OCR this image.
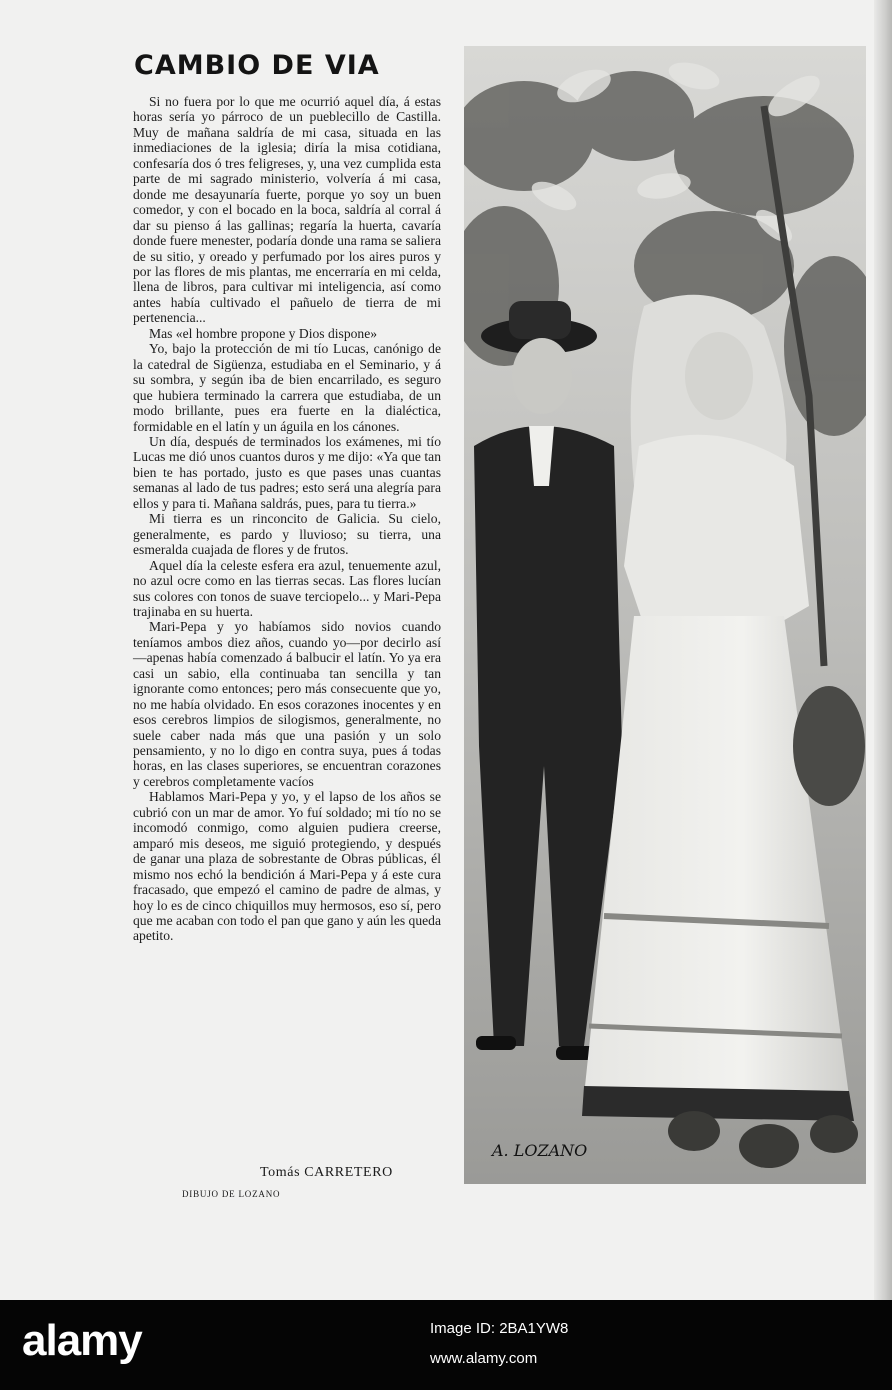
CAMBIO DE VIA

Si no fuera por lo que me ocurrió aquel día, á estas horas sería yo párroco de un pueblecillo de Castilla. Muy de mañana saldría de mi casa, situada en las inmediaciones de la iglesia; diría la misa cotidiana, confesaría dos ó tres feligreses, y, una vez cumplida esta parte de mi sagrado ministerio, volvería á mi casa, donde me desayunaría fuerte, porque yo soy un buen comedor, y con el bocado en la boca, saldría al corral á dar su pienso á las gallinas; regaría la huerta, cavaría donde fuere menester, podaría donde una rama se saliera de su sitio, y oreado y perfumado por los aires puros y por las flores de mis plantas, me encerraría en mi celda, llena de libros, para cultivar mi inteligencia, así como antes había cultivado el pañuelo de tierra de mi pertenencia...

Mas «el hombre propone y Dios dispone»

Yo, bajo la protección de mi tío Lucas, canónigo de la catedral de Sigüenza, estudiaba en el Seminario, y á su sombra, y según iba de bien encarrilado, es seguro que hubiera terminado la carrera que estudiaba, de un modo brillante, pues era fuerte en la dialéctica, formidable en el latín y un águila en los cánones.

Un día, después de terminados los exámenes, mi tío Lucas me dió unos cuantos duros y me dijo: «Ya que tan bien te has portado, justo es que pases unas cuantas semanas al lado de tus padres; esto será una alegría para ellos y para ti. Mañana saldrás, pues, para tu tierra.»

Mi tierra es un rinconcito de Galicia. Su cielo, generalmente, es pardo y lluvioso; su tierra, una esmeralda cuajada de flores y de frutos.

Aquel día la celeste esfera era azul, tenuemente azul, no azul ocre como en las tierras secas. Las flores lucían sus colores con tonos de suave terciopelo... y Mari-Pepa trajinaba en su huerta.

Mari-Pepa y yo habíamos sido novios cuando teníamos ambos diez años, cuando yo—por decirlo así—apenas había comenzado á balbucir el latín. Yo ya era casi un sabio, ella continuaba tan sencilla y tan ignorante como entonces; pero más consecuente que yo, no me había olvidado. En esos corazones inocentes y en esos cerebros limpios de silogismos, generalmente, no suele caber nada más que una pasión y un solo pensamiento, y no lo digo en contra suya, pues á todas horas, en las clases superiores, se encuentran corazones y cerebros completamente vacíos

Hablamos Mari-Pepa y yo, y el lapso de los años se cubrió con un mar de amor. Yo fuí soldado; mi tío no se incomodó conmigo, como alguien pudiera creerse, amparó mis deseos, me siguió protegiendo, y después de ganar una plaza de sobrestante de Obras públicas, él mismo nos echó la bendición á Mari-Pepa y á este cura fracasado, que empezó el camino de padre de almas, y hoy lo es de cinco chiquillos muy hermosos, eso sí, pero que me acaban con todo el pan que gano y aún les queda apetito.

Tomás CARRETERO
DIBUJO DE LOZANO
A. LOZANO
alamy	Image ID: 2BA1YW8
www.alamy.com
